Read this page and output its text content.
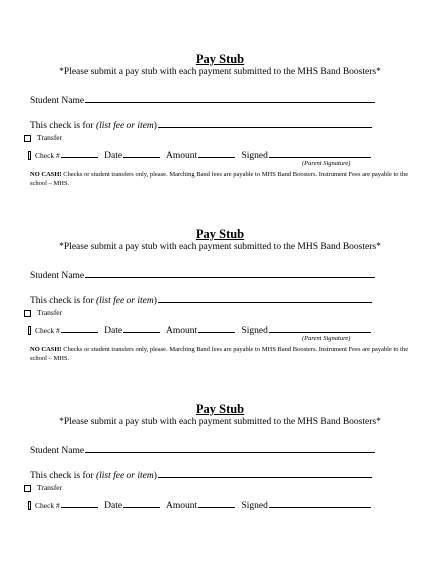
Pay Stub
*Please submit a pay stub with each payment submitted to the MHS Band Boosters*
Student Name
This check is for (list fee or item)
Transfer
Check #	Date	Amount	Signed
(Parent Signature)
NO CASH! Checks or student transfers only, please. Marching Band fees are payable to MHS Band Boosters. Instrument Fees are payable to the school – MHS.
Pay Stub
*Please submit a pay stub with each payment submitted to the MHS Band Boosters*
Student Name
This check is for (list fee or item)
Transfer
Check #	Date	Amount	Signed
(Parent Signature)
NO CASH! Checks or student transfers only, please. Marching Band fees are payable to MHS Band Boosters. Instrument Fees are payable to the school – MHS.
Pay Stub
*Please submit a pay stub with each payment submitted to the MHS Band Boosters*
Student Name
This check is for (list fee or item)
Transfer
Check #	Date	Amount	Signed
